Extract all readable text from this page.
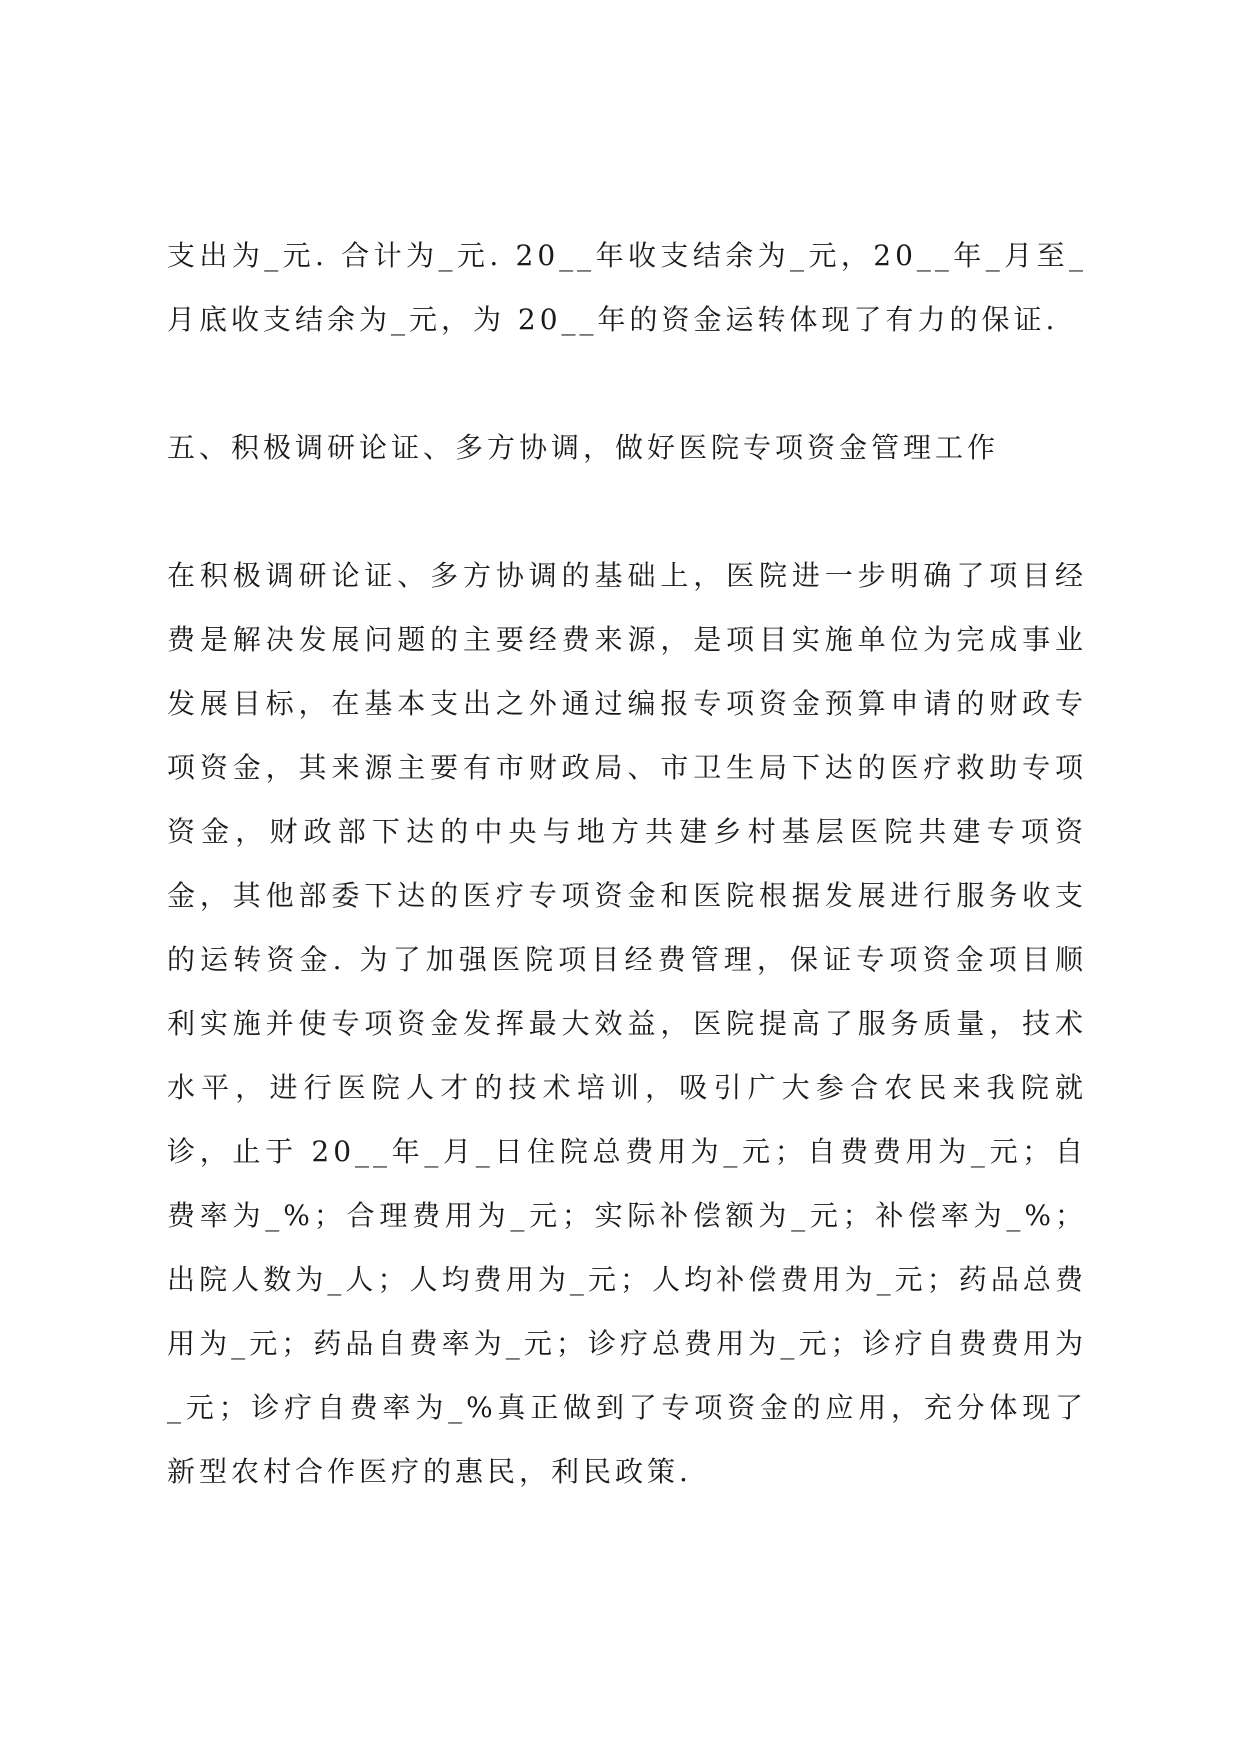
支出为_元. 合计为_元. 20__年收支结余为_元，20__年_月至_月底收支结余为_元，为 20__年的资金运转体现了有力的保证.

五、积极调研论证、多方协调，做好医院专项资金管理工作

在积极调研论证、多方协调的基础上，医院进一步明确了项目经费是解决发展问题的主要经费来源，是项目实施单位为完成事业发展目标，在基本支出之外通过编报专项资金预算申请的财政专项资金，其来源主要有市财政局、市卫生局下达的医疗救助专项资金，财政部下达的中央与地方共建乡村基层医院共建专项资金，其他部委下达的医疗专项资金和医院根据发展进行服务收支的运转资金. 为了加强医院项目经费管理，保证专项资金项目顺利实施并使专项资金发挥最大效益，医院提高了服务质量，技术水平，进行医院人才的技术培训，吸引广大参合农民来我院就诊，止于 20__年_月_日住院总费用为_元；自费费用为_元；自费率为_%；合理费用为_元；实际补偿额为_元；补偿率为_%；出院人数为_人；人均费用为_元；人均补偿费用为_元；药品总费用为_元；药品自费率为_元；诊疗总费用为_元；诊疗自费费用为_元；诊疗自费率为_%真正做到了专项资金的应用，充分体现了新型农村合作医疗的惠民，利民政策.
